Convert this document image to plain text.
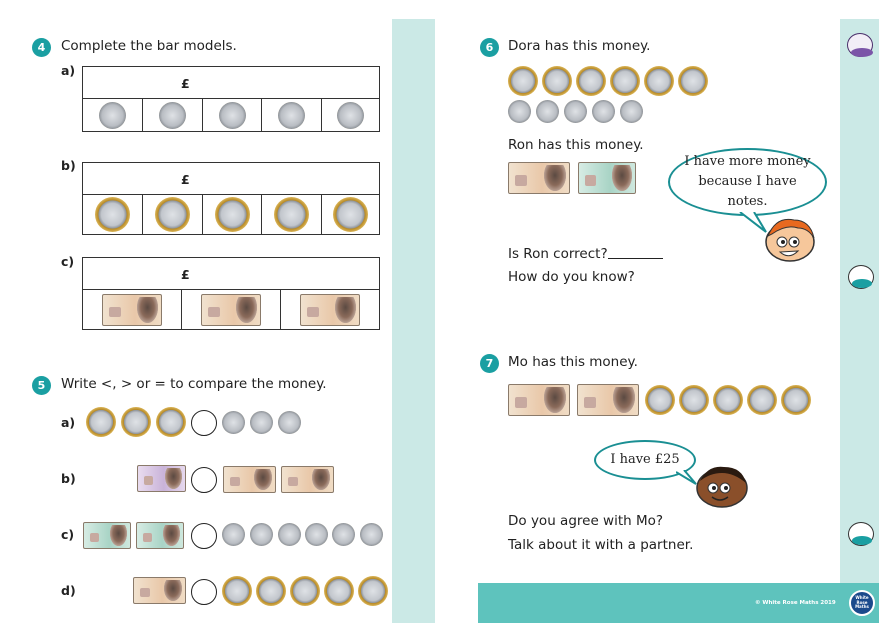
4	Complete the bar models.
a)
£
b)
£
c)
£
5	Write <, > or = to compare the money.
a)
b)
c)
d)
6	Dora has this money.
Ron has this money.
I have more money because I have notes.
Is Ron correct?
How do you know?
7	Mo has this money.
I have £25
Do you agree with Mo?
Talk about it with a partner.
© White Rose Maths 2019
White Rose Maths
